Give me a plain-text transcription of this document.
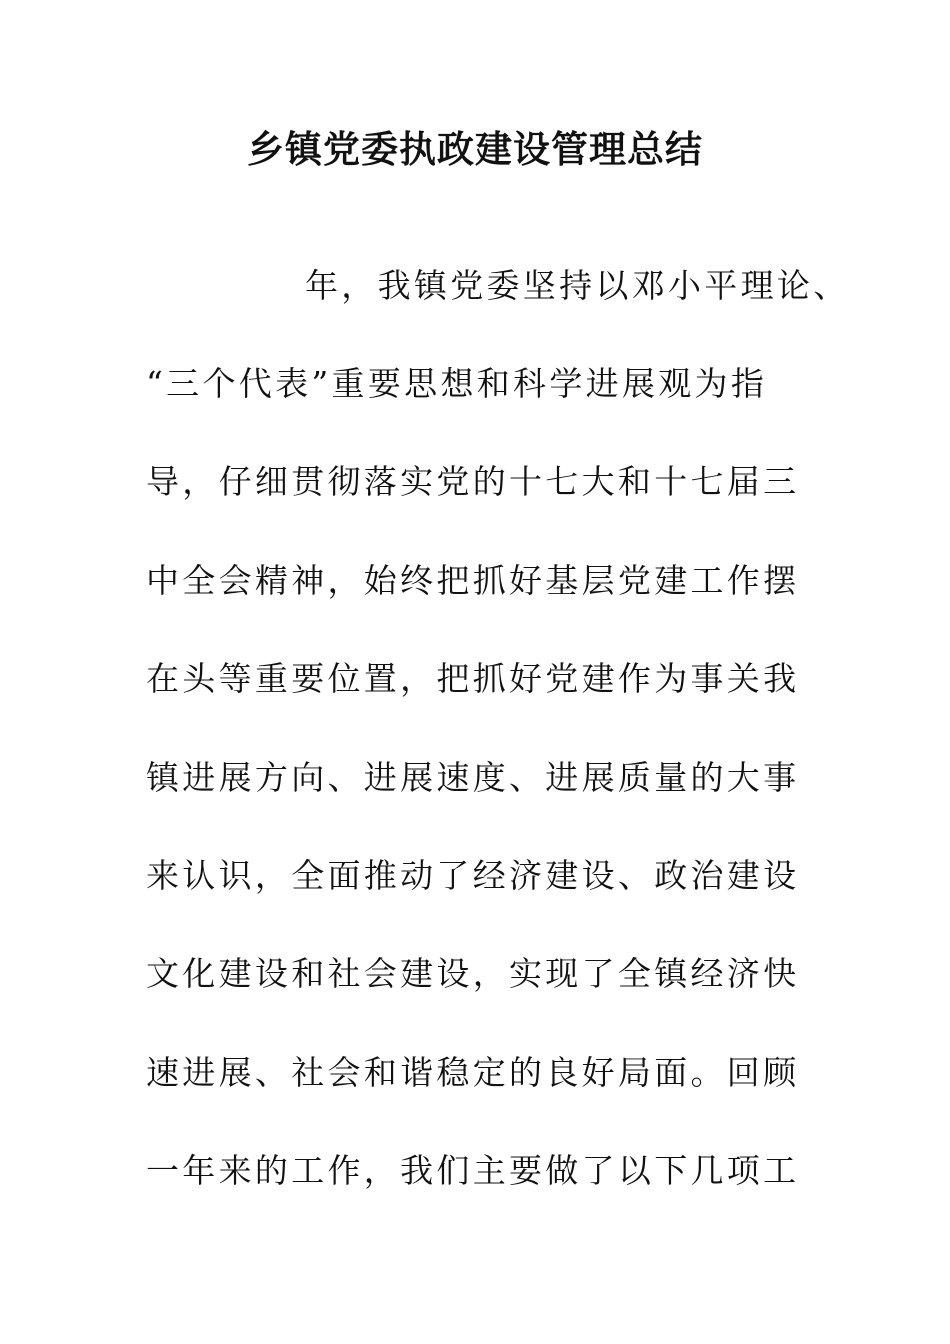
乡镇党委执政建设管理总结
年，我镇党委坚持以邓小平理论、
“三个代表”重要思想和科学进展观为指
导，仔细贯彻落实党的十七大和十七届三
中全会精神，始终把抓好基层党建工作摆
在头等重要位置，把抓好党建作为事关我
镇进展方向、进展速度、进展质量的大事
来认识，全面推动了经济建设、政治建设
文化建设和社会建设，实现了全镇经济快
速进展、社会和谐稳定的良好局面。回顾
一年来的工作，我们主要做了以下几项工
